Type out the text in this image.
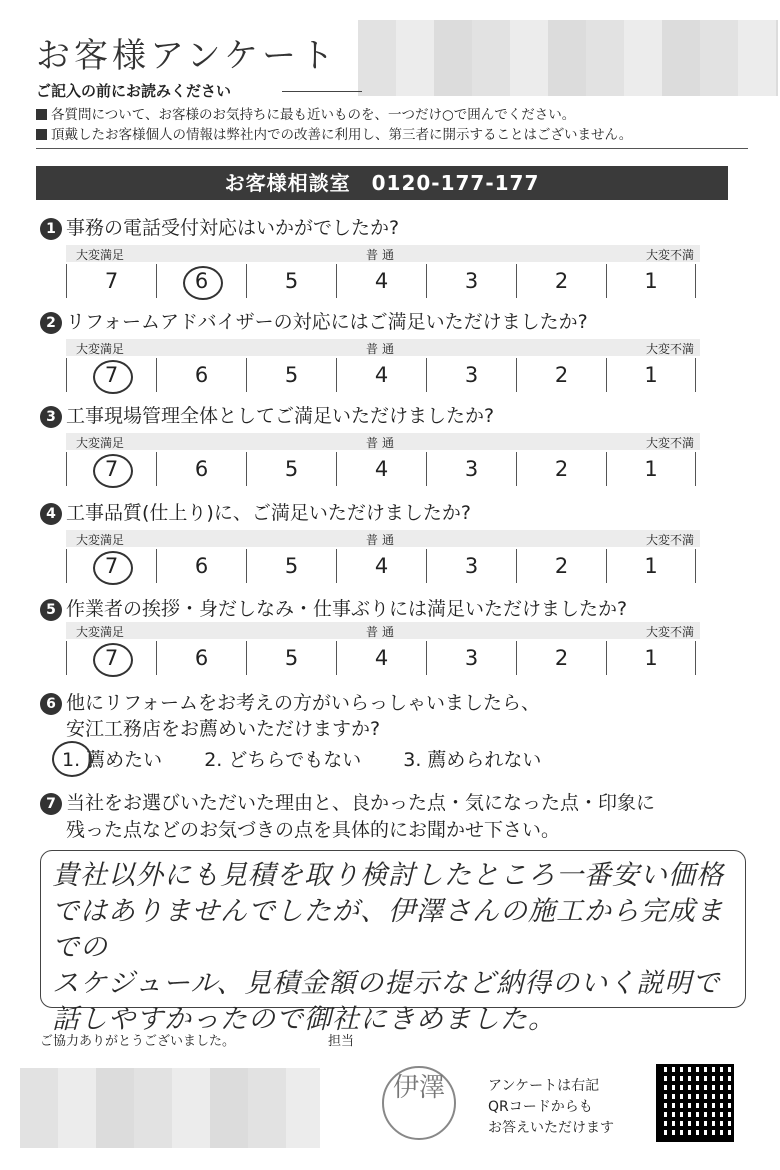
お客様アンケート
ご記入の前にお読みください
各質問について、お客様のお気持ちに最も近いものを、一つだけ○で囲んでください。
頂戴したお客様個人の情報は弊社内での改善に利用し、第三者に開示することはございません。
お客様相談室　0120-177-177
1 事務の電話受付対応はいかがでしたか?
大変満足	普通	大変不満
7	6	5	4	3	2	1
2 リフォームアドバイザーの対応にはご満足いただけましたか?
大変満足	普通	大変不満
7	6	5	4	3	2	1
3 工事現場管理全体としてご満足いただけましたか?
大変満足	普通	大変不満
7	6	5	4	3	2	1
4 工事品質(仕上り)に、ご満足いただけましたか?
大変満足	普通	大変不満
7	6	5	4	3	2	1
5 作業者の挨拶・身だしなみ・仕事ぶりには満足いただけましたか?
大変満足	普通	大変不満
7	6	5	4	3	2	1
6 他にリフォームをお考えの方がいらっしゃいましたら、
安江工務店をお薦めいただけますか?
1. 薦めたい 2. どちらでもない 3. 薦められない
7 当社をお選びいただいた理由と、良かった点・気になった点・印象に
残った点などのお気づきの点を具体的にお聞かせ下さい。
貴社以外にも見積を取り検討したところ一番安い価格
ではありませんでしたが、伊澤さんの施工から完成までの
スケジュール、見積金額の提示など納得のいく説明で
話しやすかったので御社にきめました。
ご協力ありがとうございました。	担当
伊澤	アンケートは右記
QRコードからも
お答えいただけます
